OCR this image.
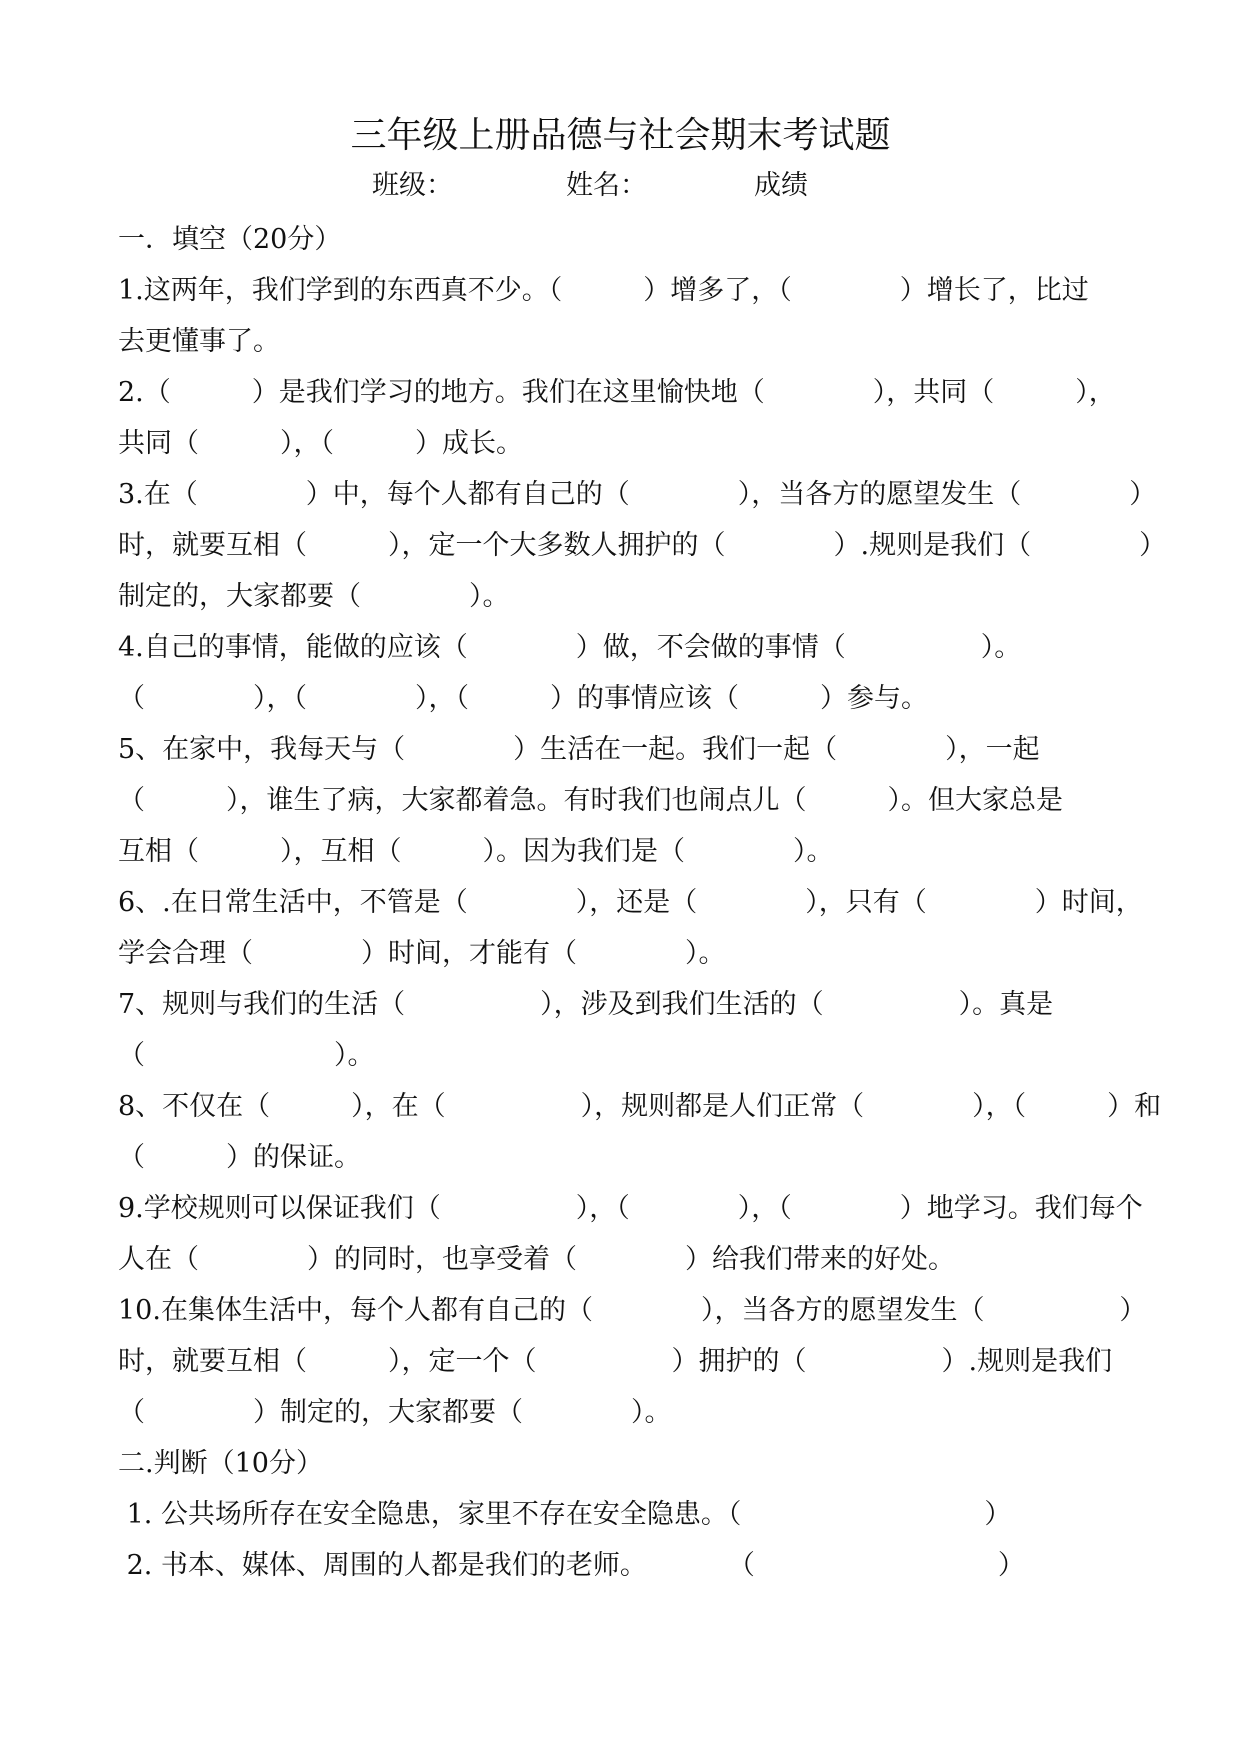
三年级上册品德与社会期末考试题
班级：	姓名：	成绩
一．填空（20分）
1.这两年，我们学到的东西真不少。（　　　）增多了，（　　　　）增长了，比过
去更懂事了。
2.（　　　）是我们学习的地方。我们在这里愉快地（　　　　），共同（　　　），
共同（　　　），（　　　）成长。
3.在（　　　　）中，每个人都有自己的（　　　　），当各方的愿望发生（　　　　）
时，就要互相（　　　），定一个大多数人拥护的（　　　　）.规则是我们（　　　　）
制定的，大家都要（　　　　）。
4.自己的事情，能做的应该（　　　　）做，不会做的事情（　　　　　）。
（　　　　），（　　　　），（　　　）的事情应该（　　　）参与。
5、在家中，我每天与（　　　　）生活在一起。我们一起（　　　　），一起
（　　　），谁生了病，大家都着急。有时我们也闹点儿（　　　）。但大家总是
互相（　　　），互相（　　　）。因为我们是（　　　　）。
6、.在日常生活中，不管是（　　　　），还是（　　　　），只有（　　　　）时间，
学会合理（　　　　）时间，才能有（　　　　）。
7、规则与我们的生活（　　　　　），涉及到我们生活的（　　　　　）。真是
（　　　　　　　）。
8、不仅在（　　　），在（　　　　　），规则都是人们正常（　　　　），（　　　）和
（　　　）的保证。
9.学校规则可以保证我们（　　　　　），（　　　　），（　　　　）地学习。我们每个
人在（　　　　）的同时，也享受着（　　　　）给我们带来的好处。
10.在集体生活中，每个人都有自己的（　　　　），当各方的愿望发生（　　　　　）
时，就要互相（　　　），定一个（　　　　　）拥护的（　　　　　）.规则是我们
（　　　　）制定的，大家都要（　　　　）。
二.判断（10分）
1. 公共场所存在安全隐患，家里不存在安全隐患。（　　　　　　　　　）
2. 书本、媒体、周围的人都是我们的老师。　　　　（　　　　　　　　　）
